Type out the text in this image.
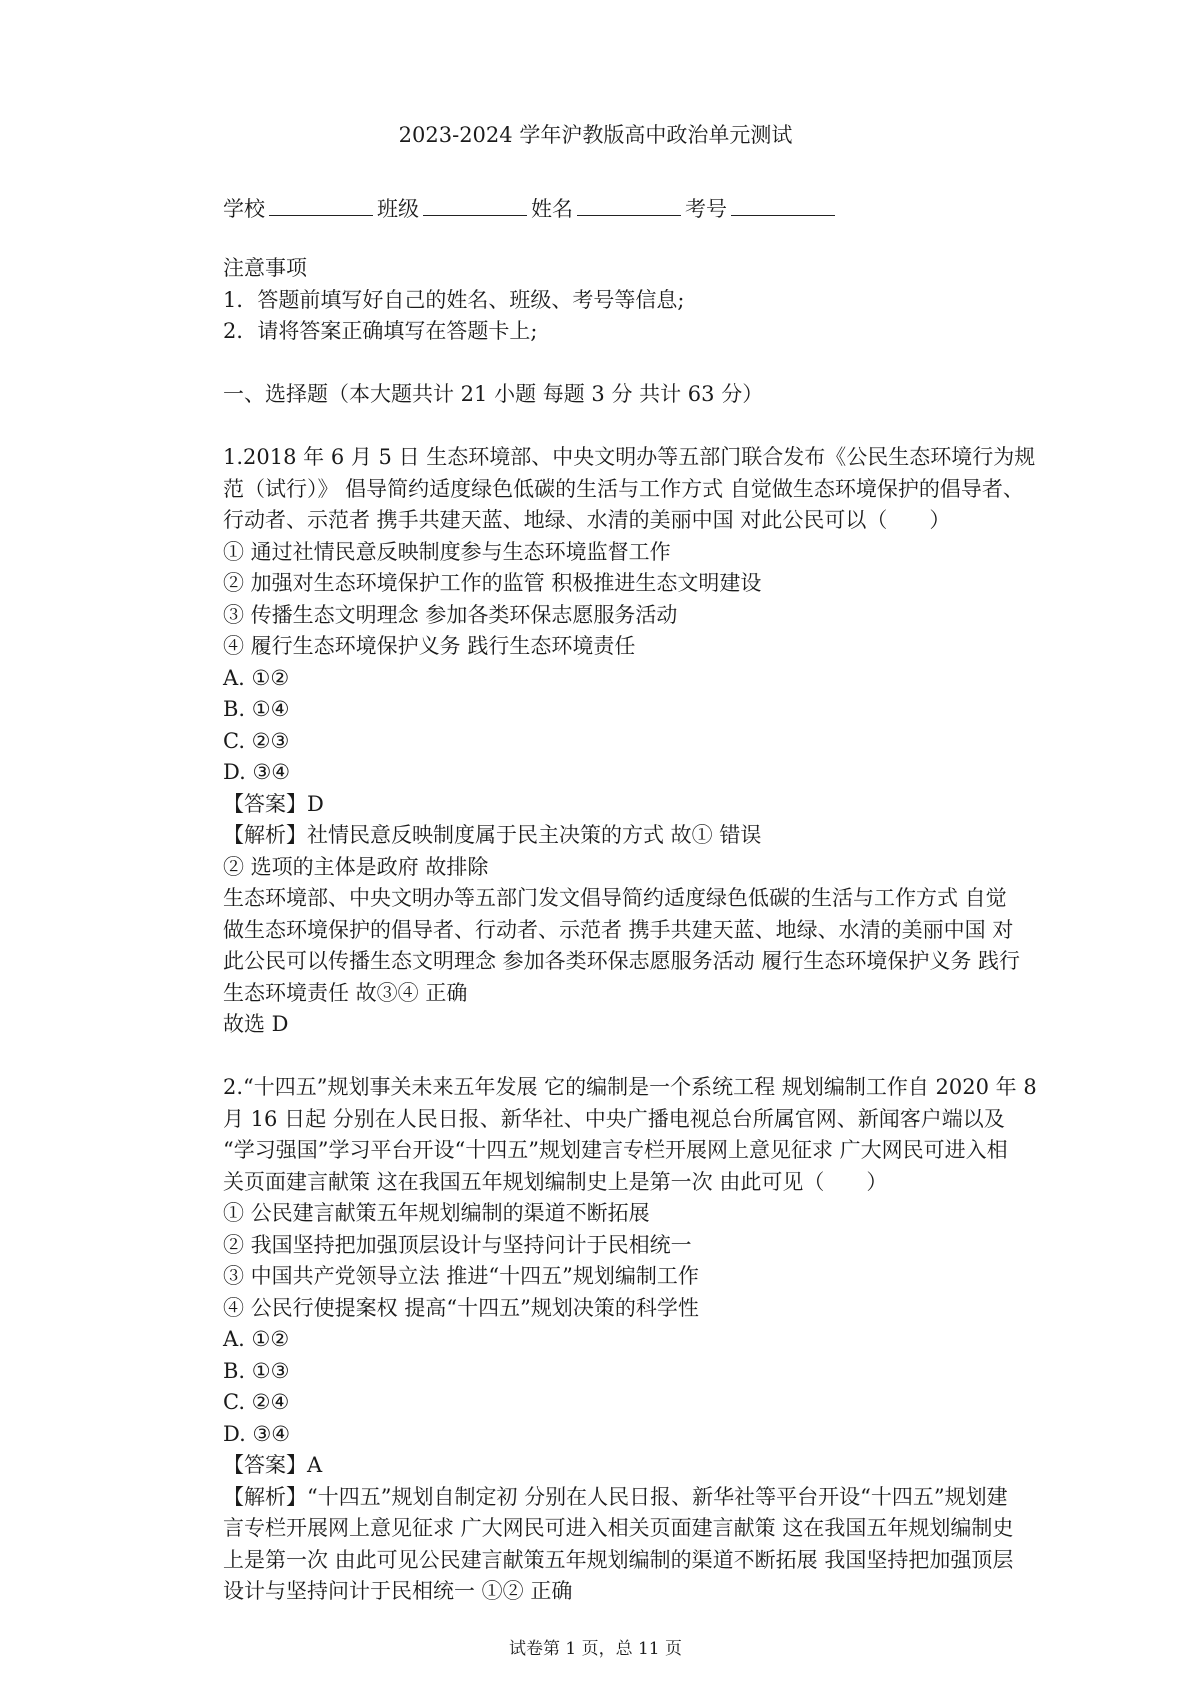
2023-2024 学年沪教版高中政治单元测试
学校	班级	姓名	考号
注意事项
1．答题前填写好自己的姓名、班级、考号等信息;
2．请将答案正确填写在答题卡上;
一、选择题（本大题共计 21 小题 每题 3 分 共计 63 分）
1.2018 年 6 月 5 日 生态环境部、中央文明办等五部门联合发布《公民生态环境行为规
范（试行）》 倡导简约适度绿色低碳的生活与工作方式 自觉做生态环境保护的倡导者、
行动者、示范者 携手共建天蓝、地绿、水清的美丽中国 对此公民可以（　　）
① 通过社情民意反映制度参与生态环境监督工作
② 加强对生态环境保护工作的监管 积极推进生态文明建设
③ 传播生态文明理念 参加各类环保志愿服务活动
④ 履行生态环境保护义务 践行生态环境责任
A. ①②
B. ①④
C. ②③
D. ③④
【答案】D
【解析】社情民意反映制度属于民主决策的方式 故① 错误
② 选项的主体是政府 故排除
生态环境部、中央文明办等五部门发文倡导简约适度绿色低碳的生活与工作方式 自觉
做生态环境保护的倡导者、行动者、示范者 携手共建天蓝、地绿、水清的美丽中国 对
此公民可以传播生态文明理念 参加各类环保志愿服务活动 履行生态环境保护义务 践行
生态环境责任 故③④ 正确
故选 D
2.“十四五”规划事关未来五年发展 它的编制是一个系统工程 规划编制工作自 2020 年 8
月 16 日起 分别在人民日报、新华社、中央广播电视总台所属官网、新闻客户端以及
“学习强国”学习平台开设“十四五”规划建言专栏开展网上意见征求 广大网民可进入相
关页面建言献策 这在我国五年规划编制史上是第一次 由此可见（　　）
① 公民建言献策五年规划编制的渠道不断拓展
② 我国坚持把加强顶层设计与坚持问计于民相统一
③ 中国共产党领导立法 推进“十四五”规划编制工作
④ 公民行使提案权 提高“十四五”规划决策的科学性
A. ①②
B. ①③
C. ②④
D. ③④
【答案】A
【解析】“十四五”规划自制定初 分别在人民日报、新华社等平台开设“十四五”规划建
言专栏开展网上意见征求 广大网民可进入相关页面建言献策 这在我国五年规划编制史
上是第一次 由此可见公民建言献策五年规划编制的渠道不断拓展 我国坚持把加强顶层
设计与坚持问计于民相统一 ①② 正确
试卷第 1 页，总 11 页
